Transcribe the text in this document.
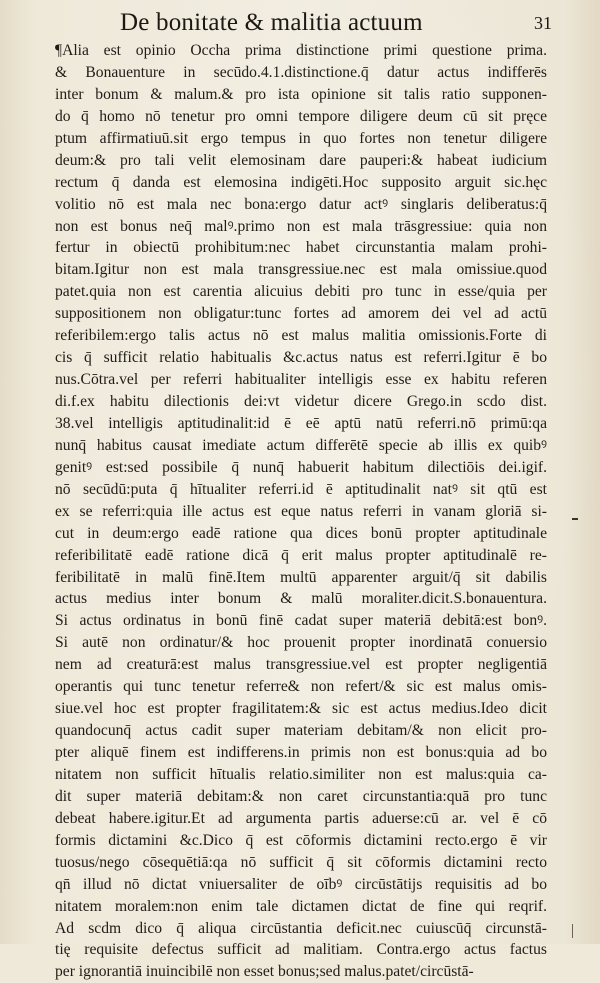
De bonitate & malitia actuum	31
¶Alia est opinio Occha prima distinctione primi questione prima.
& Bonauenture in secūdo.4.1.distinctione.q̄ datur actus indifferēs
inter bonum & malum.& pro ista opinione sit talis ratio supponen-
do q̄ homo nō tenetur pro omni tempore diligere deum cū sit pręce
ptum affirmatiuū.sit ergo tempus in quo fortes non tenetur diligere
deum:& pro tali velit elemosinam dare pauperi:& habeat iudicium
rectum q̄ danda est elemosina indigēti.Hoc supposito arguit sic.hęc
volitio nō est mala nec bona:ergo datur actꝰ singlaris deliberatus:q̄
non est bonus neq̄ malꝰ.primo non est mala trāsgressiue: quia non
fertur in obiectū prohibitum:nec habet circunstantia malam prohi-
bitam.Igitur non est mala transgressiue.nec est mala omissiue.quod
patet.quia non est carentia alicuius debiti pro tunc in esse/quia per
suppositionem non obligatur:tunc fortes ad amorem dei vel ad actū
referibilem:ergo talis actus nō est malus malitia omissionis.Forte di
cis q̄ sufficit relatio habitualis &c.actus natus est referri.Igitur ē bo
nus.Cōtra.vel per referri habitualiter intelligis esse ex habitu referen
di.f.ex habitu dilectionis dei:vt videtur dicere Grego.in scdo dist.
38.vel intelligis aptitudinalit:id ē eē aptū natū referri.nō primū:qa
nunq̄ habitus causat imediate actum differētē specie ab illis ex quibꝰ
genitꝰ est:sed possibile q̄ nunq̄ habuerit habitum dilectiōis dei.igif.
nō secūdū:puta q̄ hītualiter referri.id ē aptitudinalit natꝰ sit qtū est
ex se referri:quia ille actus est eque natus referri in vanam gloriā si-
cut in deum:ergo eadē ratione qua dices bonū propter aptitudinale
referibilitatē eadē ratione dicā q̄ erit malus propter aptitudinalē re-
feribilitatē in malū finē.Item multū apparenter arguit/q̄ sit dabilis
actus medius inter bonum & malū moraliter.dicit.S.bonauentura.
Si actus ordinatus in bonū finē cadat super materiā debitā:est bonꝰ.
Si autē non ordinatur/& hoc prouenit propter inordinatā conuersio
nem ad creaturā:est malus transgressiue.vel est propter negligentiā
operantis qui tunc tenetur referre& non refert/& sic est malus omis-
siue.vel hoc est propter fragilitatem:& sic est actus medius.Ideo dicit
quandocunq̄ actus cadit super materiam debitam/& non elicit pro-
pter aliquē finem est indifferens.in primis non est bonus:quia ad bo
nitatem non sufficit hītualis relatio.similiter non est malus:quia ca-
dit super materiā debitam:& non caret circunstantia:quā pro tunc
debeat habere.igitur.Et ad argumenta partis aduerse:cū ar. vel ē cō
formis dictamini &c.Dico q̄ est cōformis dictamini recto.ergo ē vir
tuosus/nego cōsequētiā:qa nō sufficit q̄ sit cōformis dictamini recto
qn̄ illud nō dictat vniuersaliter de oībꝰ circūstātijs requisitis ad bo
nitatem moralem:non enim tale dictamen dictat de fine qui reqrif.
Ad scdm dico q̄ aliqua circūstantia deficit.nec cuiuscūq̄ circunstā-
tię requisite defectus sufficit ad malitiam. Contra.ergo actus factus
per ignorantiā inuincibilē non esset bonus;sed malus.patet/circūstā-
